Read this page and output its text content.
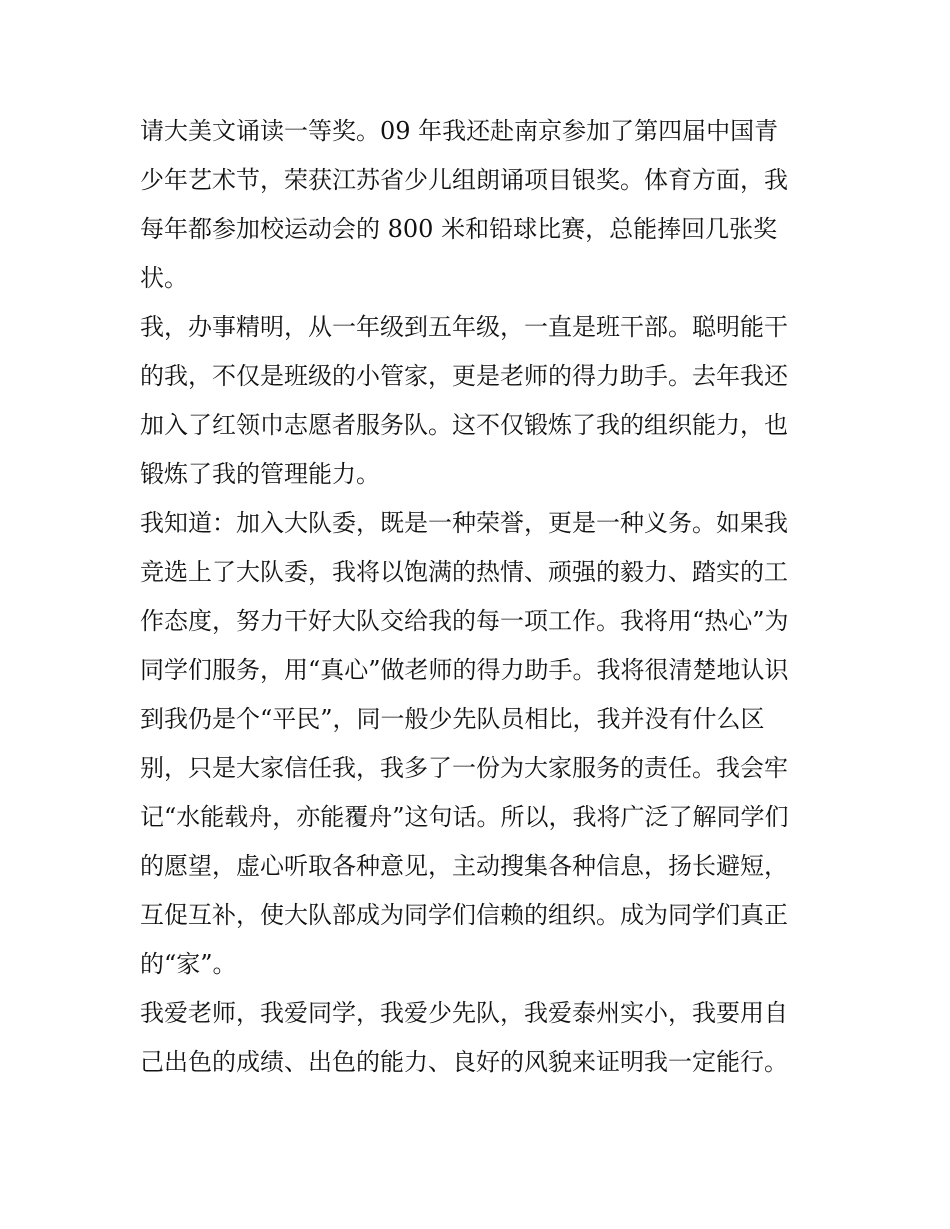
请大美文诵读一等奖。09 年我还赴南京参加了第四届中国青
少年艺术节，荣获江苏省少儿组朗诵项目银奖。体育方面，我
每年都参加校运动会的 800 米和铅球比赛，总能捧回几张奖
状。
我，办事精明，从一年级到五年级，一直是班干部。聪明能干
的我，不仅是班级的小管家，更是老师的得力助手。去年我还
加入了红领巾志愿者服务队。这不仅锻炼了我的组织能力，也
锻炼了我的管理能力。
我知道：加入大队委，既是一种荣誉，更是一种义务。如果我
竞选上了大队委，我将以饱满的热情、顽强的毅力、踏实的工
作态度，努力干好大队交给我的每一项工作。我将用“热心”为
同学们服务，用“真心”做老师的得力助手。我将很清楚地认识
到我仍是个“平民”，同一般少先队员相比，我并没有什么区
别，只是大家信任我，我多了一份为大家服务的责任。我会牢
记“水能载舟，亦能覆舟”这句话。所以，我将广泛了解同学们
的愿望，虚心听取各种意见，主动搜集各种信息，扬长避短，
互促互补，使大队部成为同学们信赖的组织。成为同学们真正
的“家”。
我爱老师，我爱同学，我爱少先队，我爱泰州实小，我要用自
己出色的成绩、出色的能力、良好的风貌来证明我一定能行。
